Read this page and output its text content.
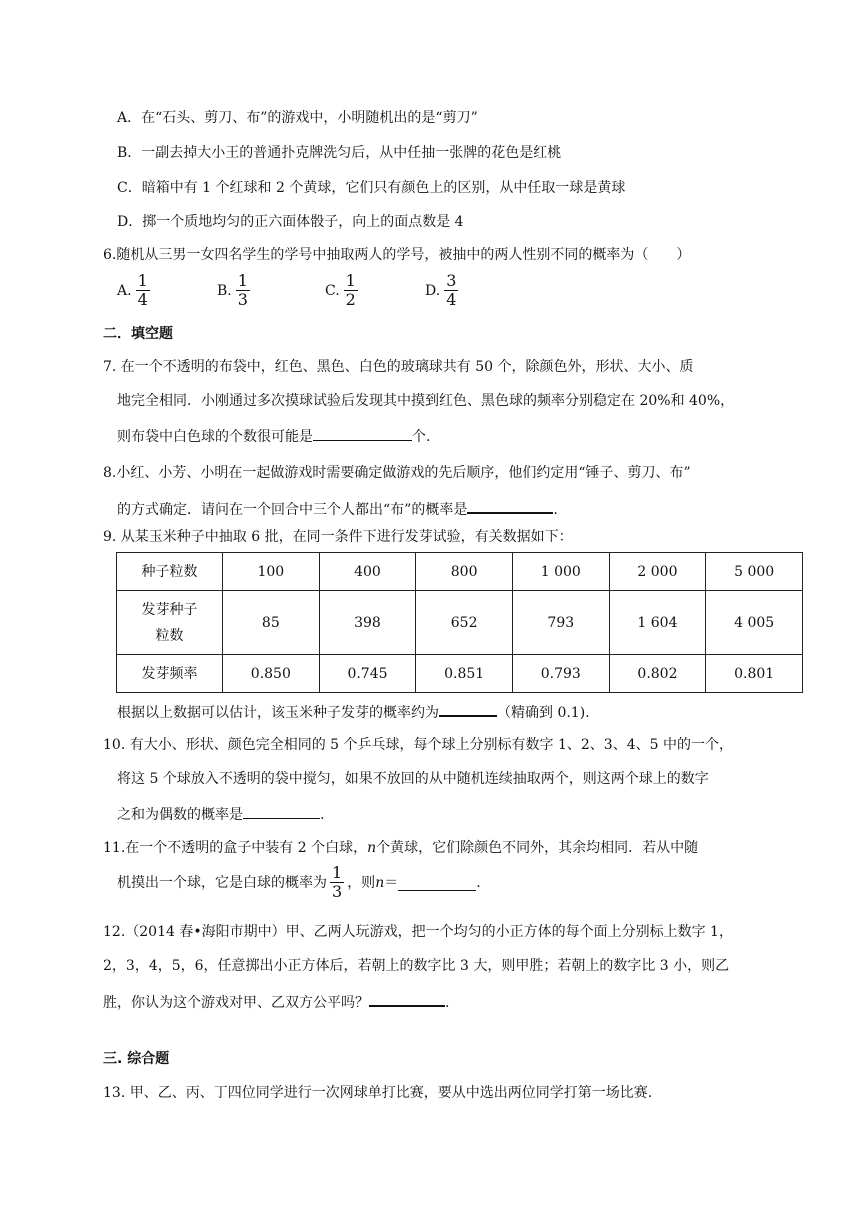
A．在“石头、剪刀、布”的游戏中，小明随机出的是“剪刀”
B．一副去掉大小王的普通扑克牌洗匀后，从中任抽一张牌的花色是红桃
C．暗箱中有 1 个红球和 2 个黄球，它们只有颜色上的区别，从中任取一球是黄球
D．掷一个质地均匀的正六面体骰子，向上的面点数是 4
6.随机从三男一女四名学生的学号中抽取两人的学号，被抽中的两人性别不同的概率为（　　）
A. $\frac{1}{4}$	B. $\frac{1}{3}$	C. $\frac{1}{2}$	D. $\frac{3}{4}$
二．填空题
7. 在一个不透明的布袋中，红色、黑色、白色的玻璃球共有 50 个，除颜色外，形状、大小、质
地完全相同．小刚通过多次摸球试验后发现其中摸到红色、黑色球的频率分别稳定在 20%和 40%，
则布袋中白色球的个数很可能是	个.
8.小红、小芳、小明在一起做游戏时需要确定做游戏的先后顺序，他们约定用“锤子、剪刀、布”
的方式确定．请问在一个回合中三个人都出“布”的概率是	.
9. 从某玉米种子中抽取 6 批，在同一条件下进行发芽试验，有关数据如下：
种子粒数	100	400	800	1 000	2 000	5 000

发芽种子
粒数	85	398	652	793	1 604	4 005
发芽频率	0.850	0.745	0.851	0.793	0.802	0.801
根据以上数据可以估计，该玉米种子发芽的概率约为	（精确到 0.1).
10. 有大小、形状、颜色完全相同的 5 个乒乓球，每个球上分别标有数字 1、2、3、4、5 中的一个，
将这 5 个球放入不透明的袋中搅匀，如果不放回的从中随机连续抽取两个，则这两个球上的数字
之和为偶数的概率是	.
11.在一个不透明的盒子中装有 2 个白球，n个黄球，它们除颜色不同外，其余均相同．若从中随
机摸出一个球，它是白球的概率为 $\frac{1}{3}$ ，则 n ＝	.
12.（2014 春•海阳市期中）甲、乙两人玩游戏，把一个均匀的小正方体的每个面上分别标上数字 1，
2，3，4，5，6，任意掷出小正方体后，若朝上的数字比 3 大，则甲胜；若朝上的数字比 3 小，则乙
胜，你认为这个游戏对甲、乙双方公平吗？	.
三. 综合题
13. 甲、乙、丙、丁四位同学进行一次网球单打比赛，要从中选出两位同学打第一场比赛.
